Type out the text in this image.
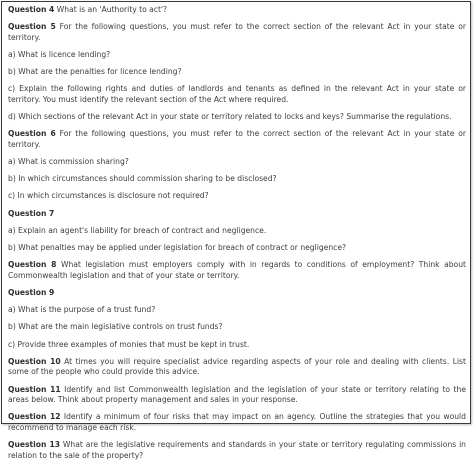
Question 4 What is an 'Authority to act'?

Question 5 For the following questions, you must refer to the correct section of the relevant Act in your state or territory.

a) What is licence lending?

b) What are the penalties for licence lending?

c) Explain the following rights and duties of landlords and tenants as defined in the relevant Act in your state or territory. You must identify the relevant section of the Act where required.

d) Which sections of the relevant Act in your state or territory related to locks and keys? Summarise the regulations.

Question 6 For the following questions, you must refer to the correct section of the relevant Act in your state or territory.

a) What is commission sharing?

b) In which circumstances should commission sharing to be disclosed?

c) In which circumstances is disclosure not required?

Question 7

a) Explain an agent's liability for breach of contract and negligence.

b) What penalties may be applied under legislation for breach of contract or negligence?

Question 8 What legislation must employers comply with in regards to conditions of employment? Think about Commonwealth legislation and that of your state or territory.

Question 9

a) What is the purpose of a trust fund?

b) What are the main legislative controls on trust funds?

c) Provide three examples of monies that must be kept in trust.

Question 10 At times you will require specialist advice regarding aspects of your role and dealing with clients. List some of the people who could provide this advice.

Question 11 Identify and list Commonwealth legislation and the legislation of your state or territory relating to the areas below. Think about property management and sales in your response.

Question 12 Identify a minimum of four risks that may impact on an agency. Outline the strategies that you would recommend to manage each risk.

Question 13 What are the legislative requirements and standards in your state or territory regulating commissions in relation to the sale of the property?
